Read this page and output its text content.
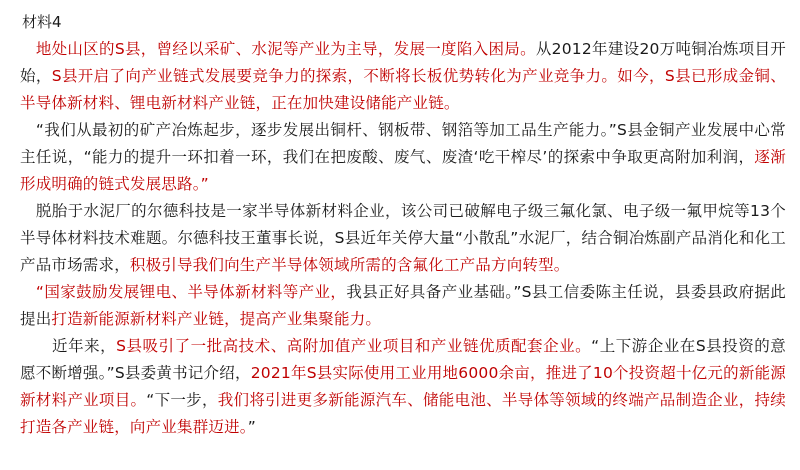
材料4

　地处山区的S县，曾经以采矿、水泥等产业为主导，发展一度陷入困局。从2012年建设20万吨铜冶炼项目开始，S县开启了向产业链式发展要竞争力的探索，不断将长板优势转化为产业竞争力。如今，S县已形成金铜、半导体新材料、锂电新材料产业链，正在加快建设储能产业链。

　“我们从最初的矿产冶炼起步，逐步发展出铜杆、钢板带、钢箔等加工品生产能力。”S县金铜产业发展中心常主任说，“能力的提升一环扣着一环，我们在把废酸、废气、废渣‘吃干榨尽’的探索中争取更高附加利润，逐渐形成明确的链式发展思路。”

　脱胎于水泥厂的尔德科技是一家半导体新材料企业，该公司已破解电子级三氟化氯、电子级一氟甲烷等13个半导体材料技术难题。尔德科技王董事长说，S县近年关停大量“小散乱”水泥厂，结合铜冶炼副产品消化和化工产品市场需求，积极引导我们向生产半导体领域所需的含氟化工产品方向转型。

　“国家鼓励发展锂电、半导体新材料等产业，我县正好具备产业基础。”S县工信委陈主任说，县委县政府据此提出打造新能源新材料产业链，提高产业集聚能力。

　　近年来，S县吸引了一批高技术、高附加值产业项目和产业链优质配套企业。“上下游企业在S县投资的意愿不断增强。”S县委黄书记介绍，2021年S县实际使用工业用地6000余亩，推进了10个投资超十亿元的新能源新材料产业项目。“下一步，我们将引进更多新能源汽车、储能电池、半导体等领域的终端产品制造企业，持续打造各产业链，向产业集群迈进。”
